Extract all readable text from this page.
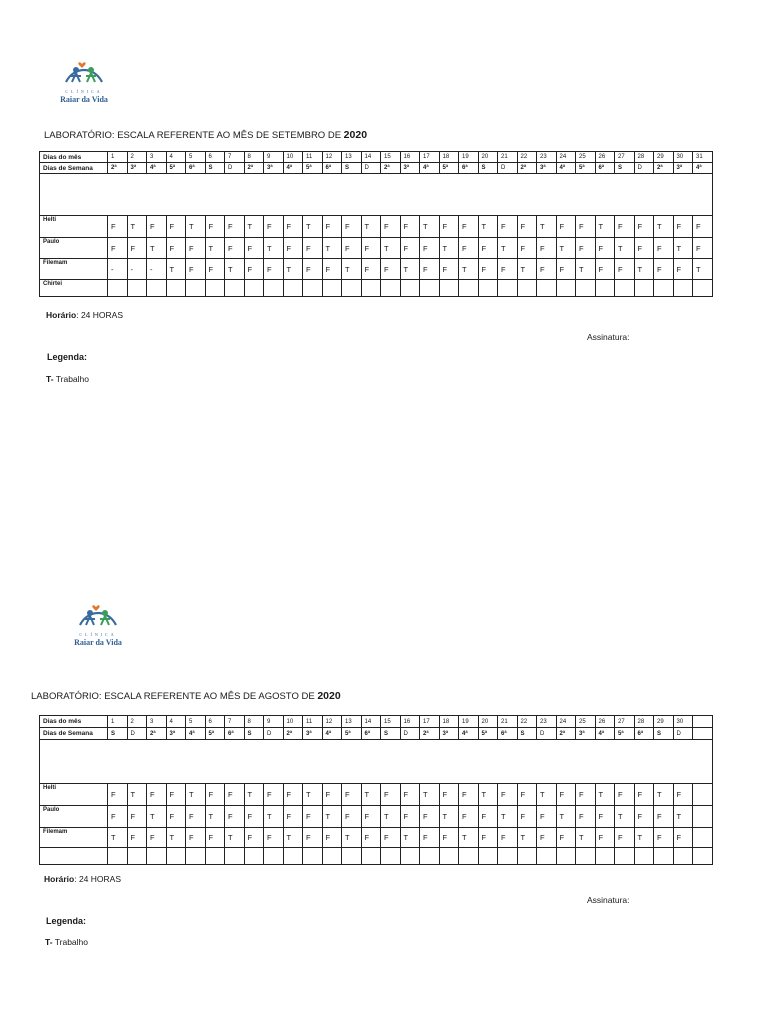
CLÍNICA
Raiar da Vida
LABORATÓRIO: ESCALA REFERENTE AO MÊS DE SETEMBRO DE 2020
Dias do mês	1	2	3	4	5	6	7	8	9	10	11	12	13	14	15	16	17	18	19	20	21	22	23	24	25	26	27	28	29	30	31
Dias de Semana	2ª	3ª	4ª	5ª	6ª	S	D	2ª	3ª	4ª	5ª	6ª	S	D	2ª	3ª	4ª	5ª	6ª	S	D	2ª	3ª	4ª	5ª	6ª	S	D	2ª	3ª	4ª

Helti	F	T	F	F	T	F	F	T	F	F	T	F	F	T	F	F	T	F	F	T	F	F	T	F	F	T	F	F	T	F	F
Paulo	F	F	T	F	F	T	F	F	T	F	F	T	F	F	T	F	F	T	F	F	T	F	F	T	F	F	T	F	F	T	F
Filemam	-	-	-	T	F	F	T	F	F	T	F	F	T	F	F	T	F	F	T	F	F	T	F	F	T	F	F	T	F	F	T
Chirtei																															
Horário: 24 HORAS
Assinatura:
Legenda:
T- Trabalho
CLÍNICA
Raiar da Vida
LABORATÓRIO: ESCALA REFERENTE AO MÊS DE AGOSTO DE 2020
Dias do mês	1	2	3	4	5	6	7	8	9	10	11	12	13	14	15	16	17	18	19	20	21	22	23	24	25	26	27	28	29	30	
Dias de Semana	S	D	2ª	3ª	4ª	5ª	6ª	S	D	2ª	3ª	4ª	5ª	6ª	S	D	2ª	3ª	4ª	5ª	6ª	S	D	2ª	3ª	4ª	5ª	6ª	S	D	

Helti	F	T	F	F	T	F	F	T	F	F	T	F	F	T	F	F	T	F	F	T	F	F	T	F	F	T	F	F	T	F	
Paulo	F	F	T	F	F	T	F	F	T	F	F	T	F	F	T	F	F	T	F	F	T	F	F	T	F	F	T	F	F	T	
Filemam	T	F	F	T	F	F	T	F	F	T	F	F	T	F	F	T	F	F	T	F	F	T	F	F	T	F	F	T	F	F	

Horário: 24 HORAS
Assinatura:
Legenda:
T- Trabalho
